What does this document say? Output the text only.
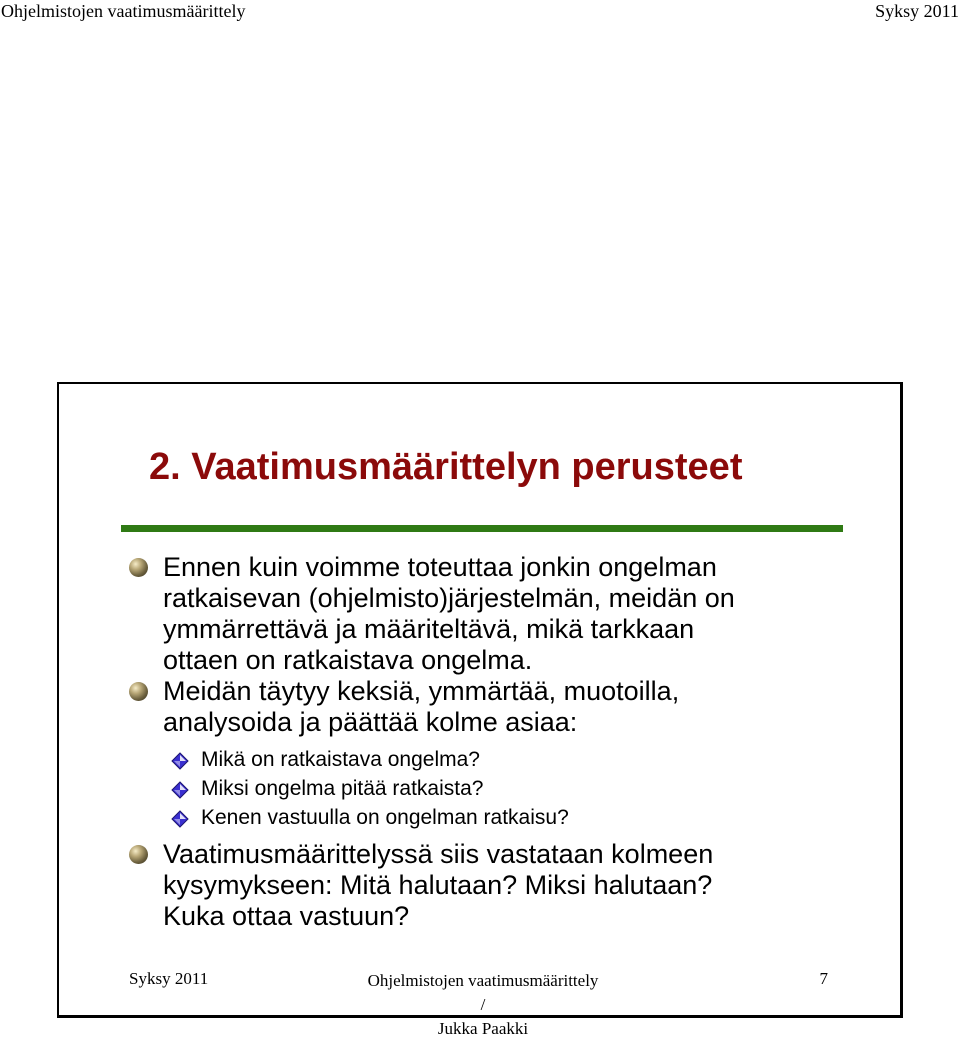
Ohjelmistojen vaatimusmäärittely	Syksy 2011
2. Vaatimusmäärittelyn perusteet
Ennen kuin voimme toteuttaa jonkin ongelman
ratkaisevan (ohjelmisto)järjestelmän, meidän on
ymmärrettävä ja määriteltävä, mikä tarkkaan
ottaen on ratkaistava ongelma.
Meidän täytyy keksiä, ymmärtää, muotoilla,
analysoida ja päättää kolme asiaa:
Mikä on ratkaistava ongelma?
Miksi ongelma pitää ratkaista?
Kenen vastuulla on ongelman ratkaisu?
Vaatimusmäärittelyssä siis vastataan kolmeen
kysymykseen: Mitä halutaan? Miksi halutaan?
Kuka ottaa vastuun?
Syksy 2011	Ohjelmistojen vaatimusmäärittely /
Jukka Paakki
7
